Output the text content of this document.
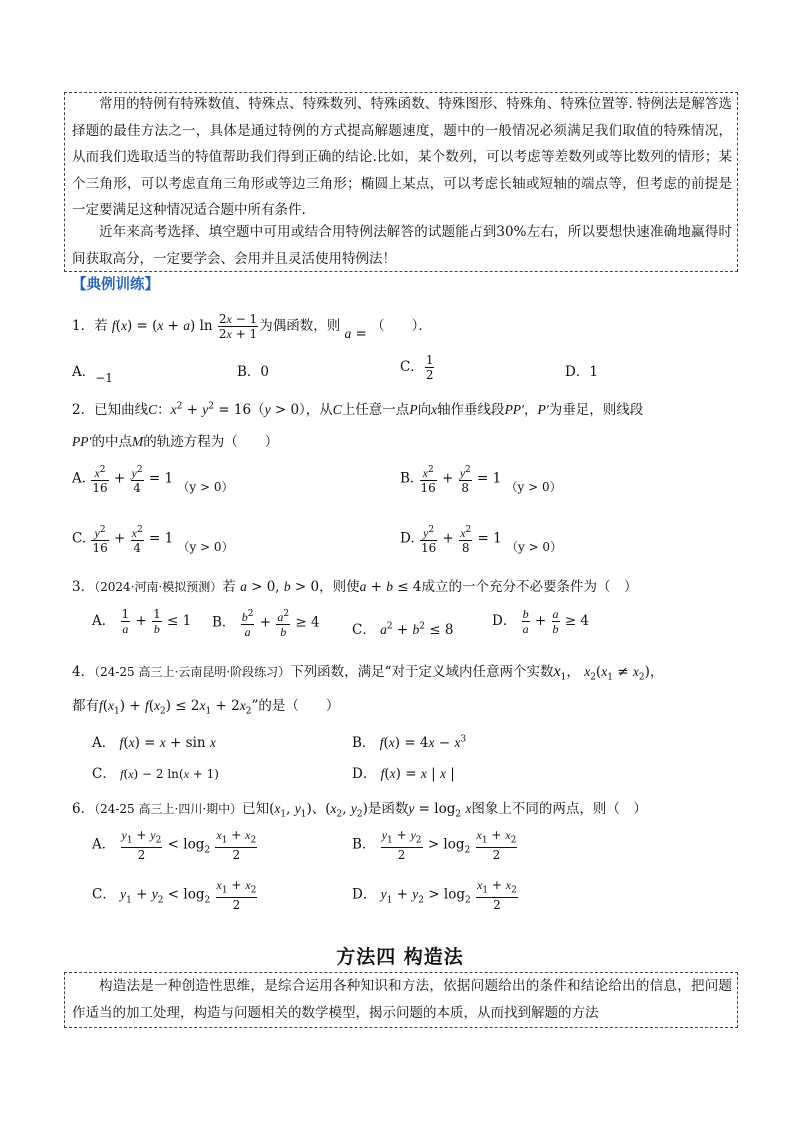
常用的特例有特殊数值、特殊点、特殊数列、特殊函数、特殊图形、特殊角、特殊位置等. 特例法是解答选择题的最佳方法之一，具体是通过特例的方式提高解题速度，题中的一般情况必须满足我们取值的特殊情况，从而我们选取适当的特值帮助我们得到正确的结论.比如，某个数列，可以考虑等差数列或等比数列的情形；某个三角形，可以考虑直角三角形或等边三角形；椭圆上某点，可以考虑长轴或短轴的端点等，但考虑的前提是一定要满足这种情况适合题中所有条件.
近年来高考选择、填空题中可用或结合用特例法解答的试题能占到30%左右，所以要想快速准确地赢得时间获取高分，一定要学会、会用并且灵活使用特例法！
【典例训练】
1．若 f(x) = (x + a) $\ln \frac{2x - 1}{2x + 1}$ 为偶函数，则 a = （　　）．
A．−1	B．0	C． $\frac{1}{2}$	D．1
2．已知曲线C：$x^2 + y^2 = 16(y > 0)$，从C上任意一点P向x轴作垂线段PP′，P′为垂足，则线段
PP′的中点M的轨迹方程为（　　）
A. $\frac{x^2}{16} + \frac{y^2}{4} = 1$ （y > 0）	B. $\frac{x^2}{16} + \frac{y^2}{8} = 1$ （y > 0）
C. $\frac{y^2}{16} + \frac{x^2}{4} = 1$ （y > 0）	D. $\frac{y^2}{16} + \frac{x^2}{8} = 1$ （y > 0）
3．（2024·河南·模拟预测）若 a > 0, b > 0，则使a + b ≤ 4成立的一个充分不必要条件为（　）
A． $\frac{1}{a} + \frac{1}{b} \le 1$ B． $\frac{b^2}{a} + \frac{a^2}{b} \ge 4$ C． $a^2 + b^2 \le 8$
D． $\frac{b}{a} + \frac{a}{b} \ge 4$
4．（24-25 高三上·云南昆明·阶段练习）下列函数，满足“对于定义域内任意两个实数$x_1$， $x_2(x_1 \ne x_2)$，
都有$f(x_1) + f(x_2) \le 2x_1 + 2x_2$”的是（　　）
A． f(x) = x + sin x	B． $f(x) = 4x - x^3$
C． f(x) − 2 ln(x + 1)	D． f(x) = x | x |
6．（24-25 高三上·四川·期中）已知($x_1$, $y_1$)、($x_2$, $y_2$)是函数$y = \log_2 x$图象上不同的两点，则（　）
A． $\frac{y_1 + y_2}{2} < \log_2 \frac{x_1 + x_2}{2}$	B． $\frac{y_1 + y_2}{2} > \log_2 \frac{x_1 + x_2}{2}$
C． $y_1 + y_2 < \log_2 \frac{x_1 + x_2}{2}$	D． $y_1 + y_2 > \log_2 \frac{x_1 + x_2}{2}$
方法四 构造法
构造法是一种创造性思维，是综合运用各种知识和方法，依据问题给出的条件和结论给出的信息，把问题作适当的加工处理，构造与问题相关的数学模型，揭示问题的本质，从而找到解题的方法
